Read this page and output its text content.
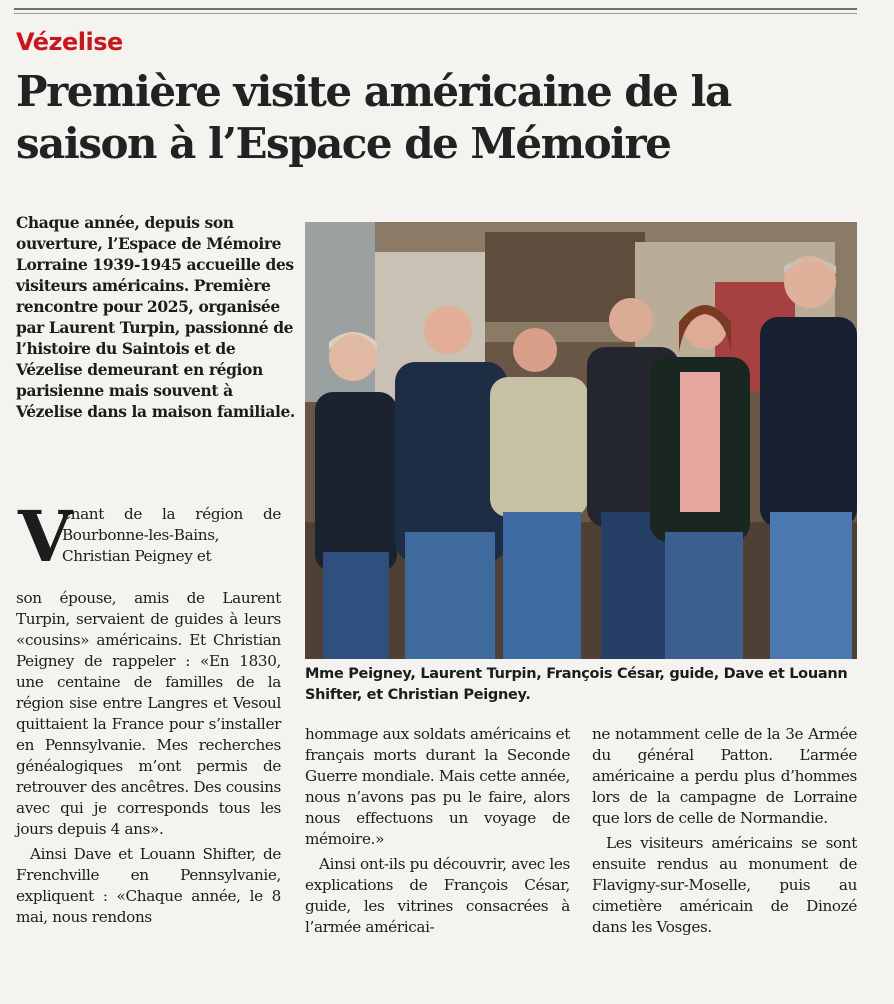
Vézelise
Première visite américaine de la saison à l’Espace de Mémoire

Chaque année, depuis son ouverture, l’Espace de Mémoire Lorraine 1939-1945 accueille des visiteurs américains. Première rencontre pour 2025, organisée par Laurent Turpin, passionné de l’histoire du Saintois et de Vézelise demeurant en région parisienne mais souvent à Vézelise dans la maison familiale.

Mme Peigney, Laurent Turpin, François César, guide, Dave et Louann Shifter, et Christian Peigney.

V
enant de la région de Bourbonne-les-Bains, Christian Peigney et

son épouse, amis de Laurent Turpin, servaient de guides à leurs «cousins» américains. Et Christian Peigney de rappeler : «En 1830, une centaine de familles de la région sise entre Langres et Vesoul quittaient la France pour s’installer en Pennsylvanie. Mes recherches généalogiques m’ont permis de retrouver des ancêtres. Des cousins avec qui je corresponds tous les jours depuis 4 ans».

Ainsi Dave et Louann Shifter, de Frenchville en Pennsylvanie, expliquent : «Chaque année, le 8 mai, nous rendons

hommage aux soldats américains et français morts durant la Seconde Guerre mondiale. Mais cette année, nous n’avons pas pu le faire, alors nous effectuons un voyage de mémoire.»

Ainsi ont-ils pu découvrir, avec les explications de François César, guide, les vitrines consacrées à l’armée américai-

ne notamment celle de la 3e Armée du général Patton. L’armée américaine a perdu plus d’hommes lors de la campagne de Lorraine que lors de celle de Normandie.

Les visiteurs américains se sont ensuite rendus au monument de Flavigny-sur-Moselle, puis au cimetière américain de Dinozé dans les Vosges.
